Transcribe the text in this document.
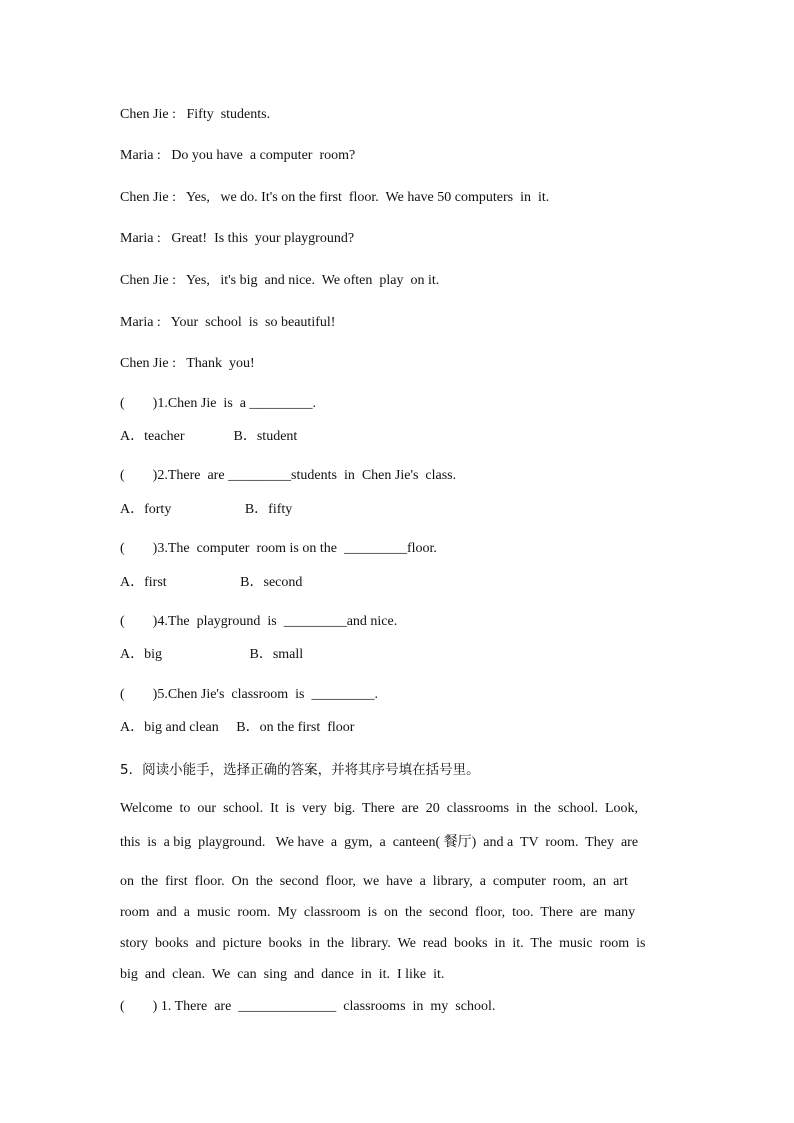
Chen Jie :   Fifty  students.
Maria :   Do you have  a computer  room?
Chen Jie :   Yes,   we do. It's on the first  floor.  We have 50 computers  in  it.
Maria :   Great!  Is this  your playground?
Chen Jie :   Yes,   it's big  and nice.  We often  play  on it.
Maria :   Your  school  is  so beautiful!
Chen Jie :   Thank  you!
(        )1.Chen Jie  is  a _________.
A．teacher              B．student
(        )2.There  are _________students  in  Chen Jie's  class.
A．forty                     B．fifty
(        )3.The  computer  room is on the  _________floor.
A．first                     B．second
(        )4.The  playground  is  _________and nice.
A．big                         B．small
(        )5.Chen Jie's  classroom  is  _________.
A．big and clean     B．on the first  floor
5．阅读小能手，选择正确的答案，并将其序号填在括号里。
Welcome  to  our  school.  It  is  very  big.  There  are  20  classrooms  in  the  school.  Look,
this  is  a big  playground.   We have  a  gym,  a  canteen( 餐厅)  and a  TV  room.  They  are
on  the  first  floor.  On  the  second  floor,  we  have  a  library,  a  computer  room,  an  art
room  and  a  music  room.  My  classroom  is  on  the  second  floor,  too.  There  are  many
story  books  and  picture  books  in  the  library.  We  read  books  in  it.  The  music  room  is
big  and  clean.  We  can  sing  and  dance  in  it.  I like  it.
(        ) 1. There  are  ______________  classrooms  in  my  school.
